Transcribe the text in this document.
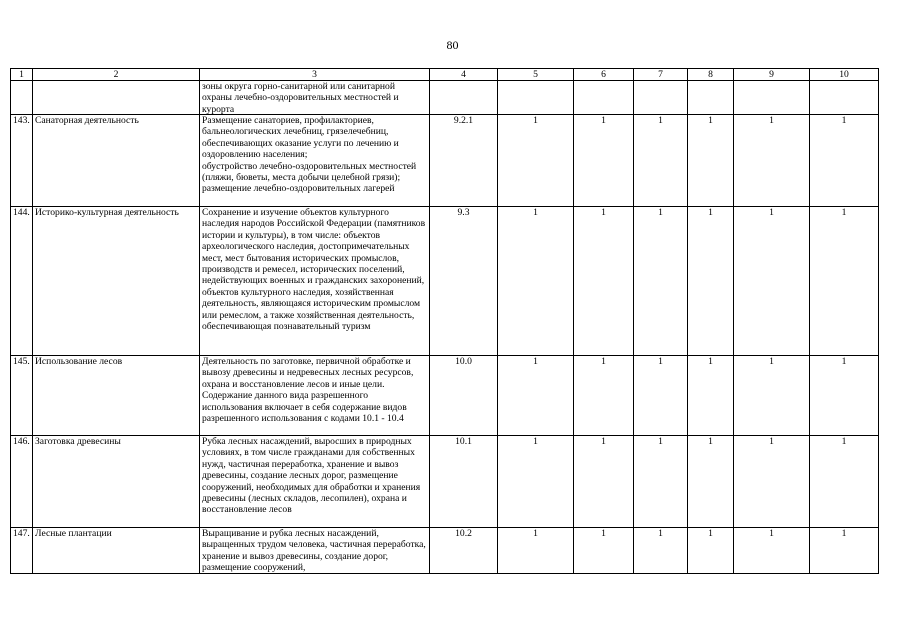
80
1	2	3	4	5	6	7	8	9	10

		зоны округа горно-санитарной или санитарной охраны лечебно-оздоровительных местностей и курорта							

143.	Санаторная деятельность	Размещение санаториев, профилакториев, бальнеологических лечебниц, грязелечебниц, обеспечивающих оказание услуги по лечению и оздоровлению населения;
обустройство лечебно-оздоровительных местностей (пляжи, бюветы, места добычи целебной грязи);
размещение лечебно-оздоровительных лагерей	9.2.1	1	1	1	1	1	1
144.	Историко-культурная деятельность	Сохранение и изучение объектов культурного наследия народов Российской Федерации (памятников истории и культуры), в том числе: объектов археологического наследия, достопримечательных мест, мест бытования исторических промыслов, производств и ремесел, исторических поселений, недействующих военных и гражданских захоронений, объектов культурного наследия, хозяйственная деятельность, являющаяся историческим промыслом или ремеслом, а также хозяйственная деятельность, обеспечивающая познавательный туризм	9.3	1	1	1	1	1	1
145.	Использование лесов	Деятельность по заготовке, первичной обработке и вывозу древесины и недревесных лесных ресурсов, охрана и восстановление лесов и иные цели. Содержание данного вида разрешенного использования включает в себя содержание видов разрешенного использования с кодами 10.1 - 10.4	10.0	1	1	1	1	1	1
146.	Заготовка древесины	Рубка лесных насаждений, выросших в природных условиях, в том числе гражданами для собственных нужд, частичная переработка, хранение и вывоз древесины, создание лесных дорог, размещение сооружений, необходимых для обработки и хранения древесины (лесных складов, лесопилен), охрана и восстановление лесов	10.1	1	1	1	1	1	1
147.	Лесные плантации	Выращивание и рубка лесных насаждений, выращенных трудом человека, частичная переработка, хранение и вывоз древесины, создание дорог, размещение сооружений,	10.2	1	1	1	1	1	1
